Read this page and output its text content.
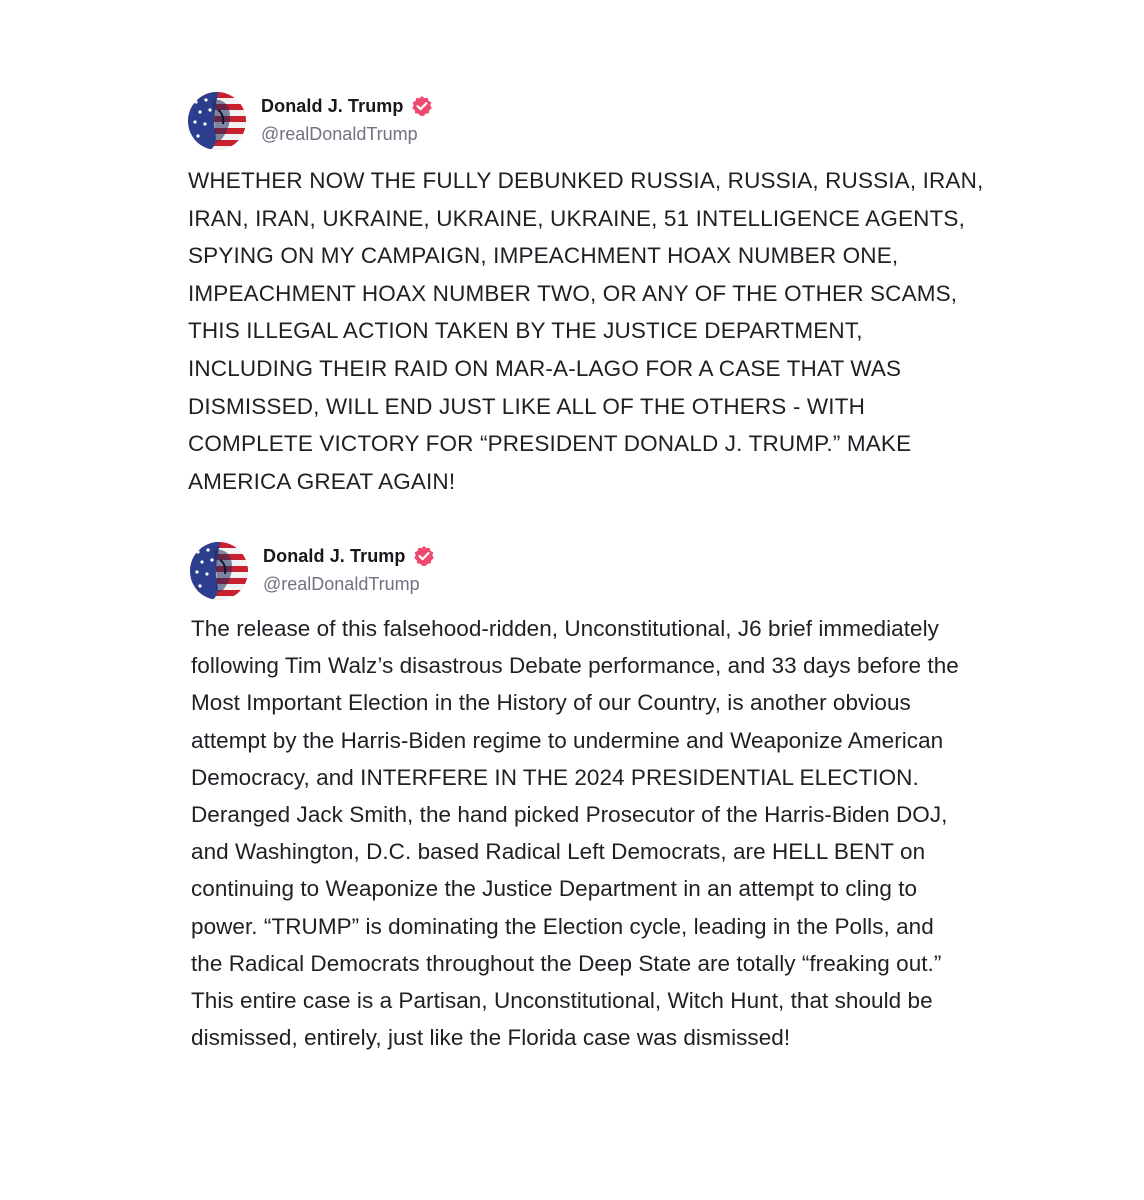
Donald J. Trump
@realDonaldTrump

WHETHER NOW THE FULLY DEBUNKED RUSSIA, RUSSIA, RUSSIA, IRAN, IRAN, IRAN, UKRAINE, UKRAINE, UKRAINE, 51 INTELLIGENCE AGENTS, SPYING ON MY CAMPAIGN, IMPEACHMENT HOAX NUMBER ONE, IMPEACHMENT HOAX NUMBER TWO, OR ANY OF THE OTHER SCAMS, THIS ILLEGAL ACTION TAKEN BY THE JUSTICE DEPARTMENT, INCLUDING THEIR RAID ON MAR-A-LAGO FOR A CASE THAT WAS DISMISSED, WILL END JUST LIKE ALL OF THE OTHERS - WITH COMPLETE VICTORY FOR “PRESIDENT DONALD J. TRUMP.” MAKE AMERICA GREAT AGAIN!

Donald J. Trump
@realDonaldTrump

The release of this falsehood-ridden, Unconstitutional, J6 brief immediately following Tim Walz’s disastrous Debate performance, and 33 days before the Most Important Election in the History of our Country, is another obvious attempt by the Harris-Biden regime to undermine and Weaponize American Democracy, and INTERFERE IN THE 2024 PRESIDENTIAL ELECTION. Deranged Jack Smith, the hand picked Prosecutor of the Harris-Biden DOJ, and Washington, D.C. based Radical Left Democrats, are HELL BENT on continuing to Weaponize the Justice Department in an attempt to cling to power. “TRUMP” is dominating the Election cycle, leading in the Polls, and the Radical Democrats throughout the Deep State are totally “freaking out.” This entire case is a Partisan, Unconstitutional, Witch Hunt, that should be dismissed, entirely, just like the Florida case was dismissed!
